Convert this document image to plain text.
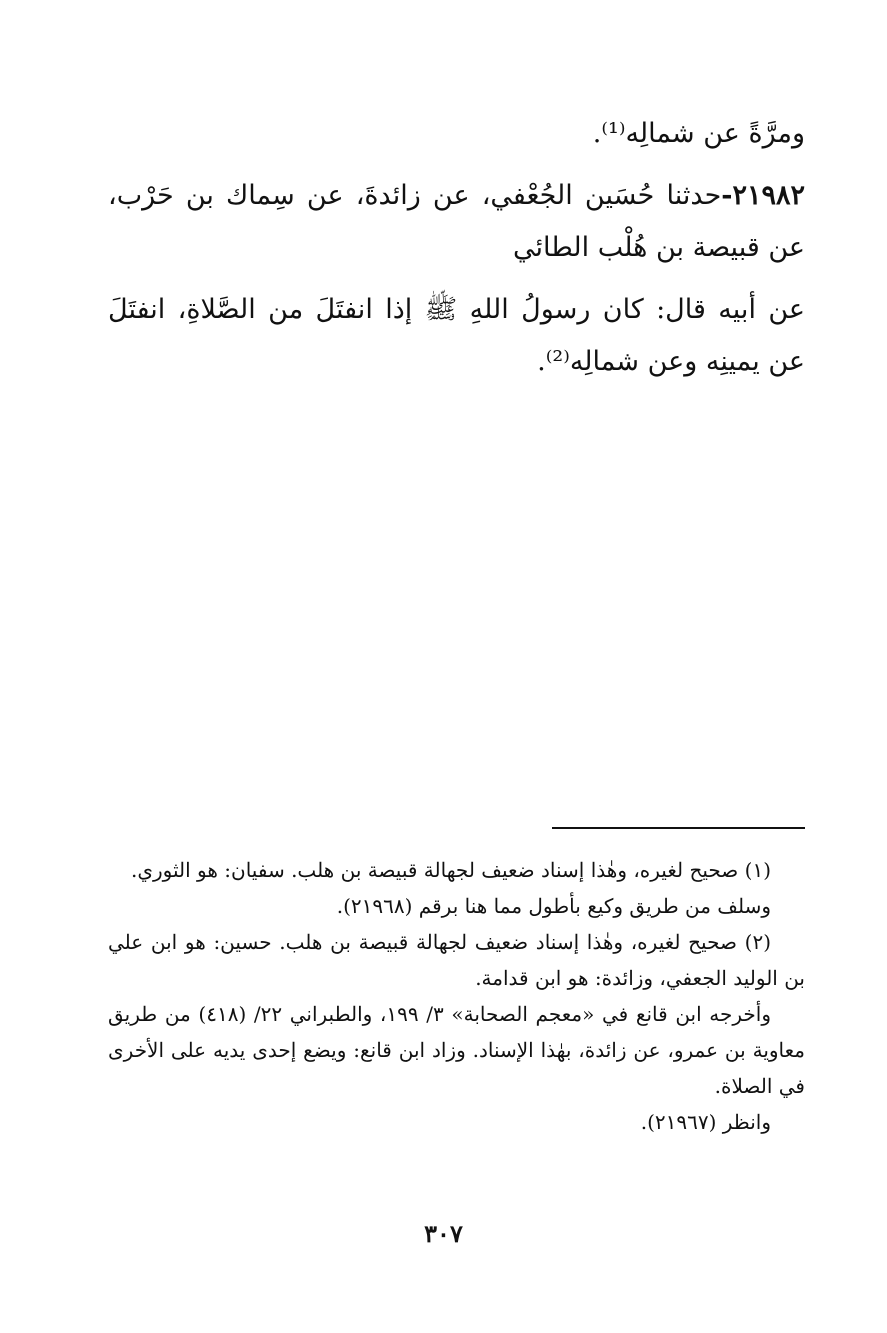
ومرَّةً عن شمالِه⁽¹⁾.

٢١٩٨٢-حدثنا حُسَين الجُعْفي، عن زائدةَ، عن سِماك بن حَرْب، عن قبيصة بن هُلْب الطائي

عن أبيه قال: كان رسولُ اللهِ ﷺ إذا انفتَلَ من الصَّلاةِ، انفتَلَ عن يمينِه وعن شمالِه⁽²⁾.

(١) صحيح لغيره، وهٰذا إسناد ضعيف لجهالة قبيصة بن هلب. سفيان: هو الثوري.

وسلف من طريق وكيع بأطول مما هنا برقم (٢١٩٦٨).

(٢) صحيح لغيره، وهٰذا إسناد ضعيف لجهالة قبيصة بن هلب. حسين: هو ابن علي بن الوليد الجعفي، وزائدة: هو ابن قدامة.

وأخرجه ابن قانع في «معجم الصحابة» ٣/ ١٩٩، والطبراني ٢٢/ (٤١٨) من طريق معاوية بن عمرو، عن زائدة، بهٰذا الإسناد. وزاد ابن قانع: ويضع إحدى يديه على الأخرى في الصلاة.

وانظر (٢١٩٦٧).

٣٠٧
